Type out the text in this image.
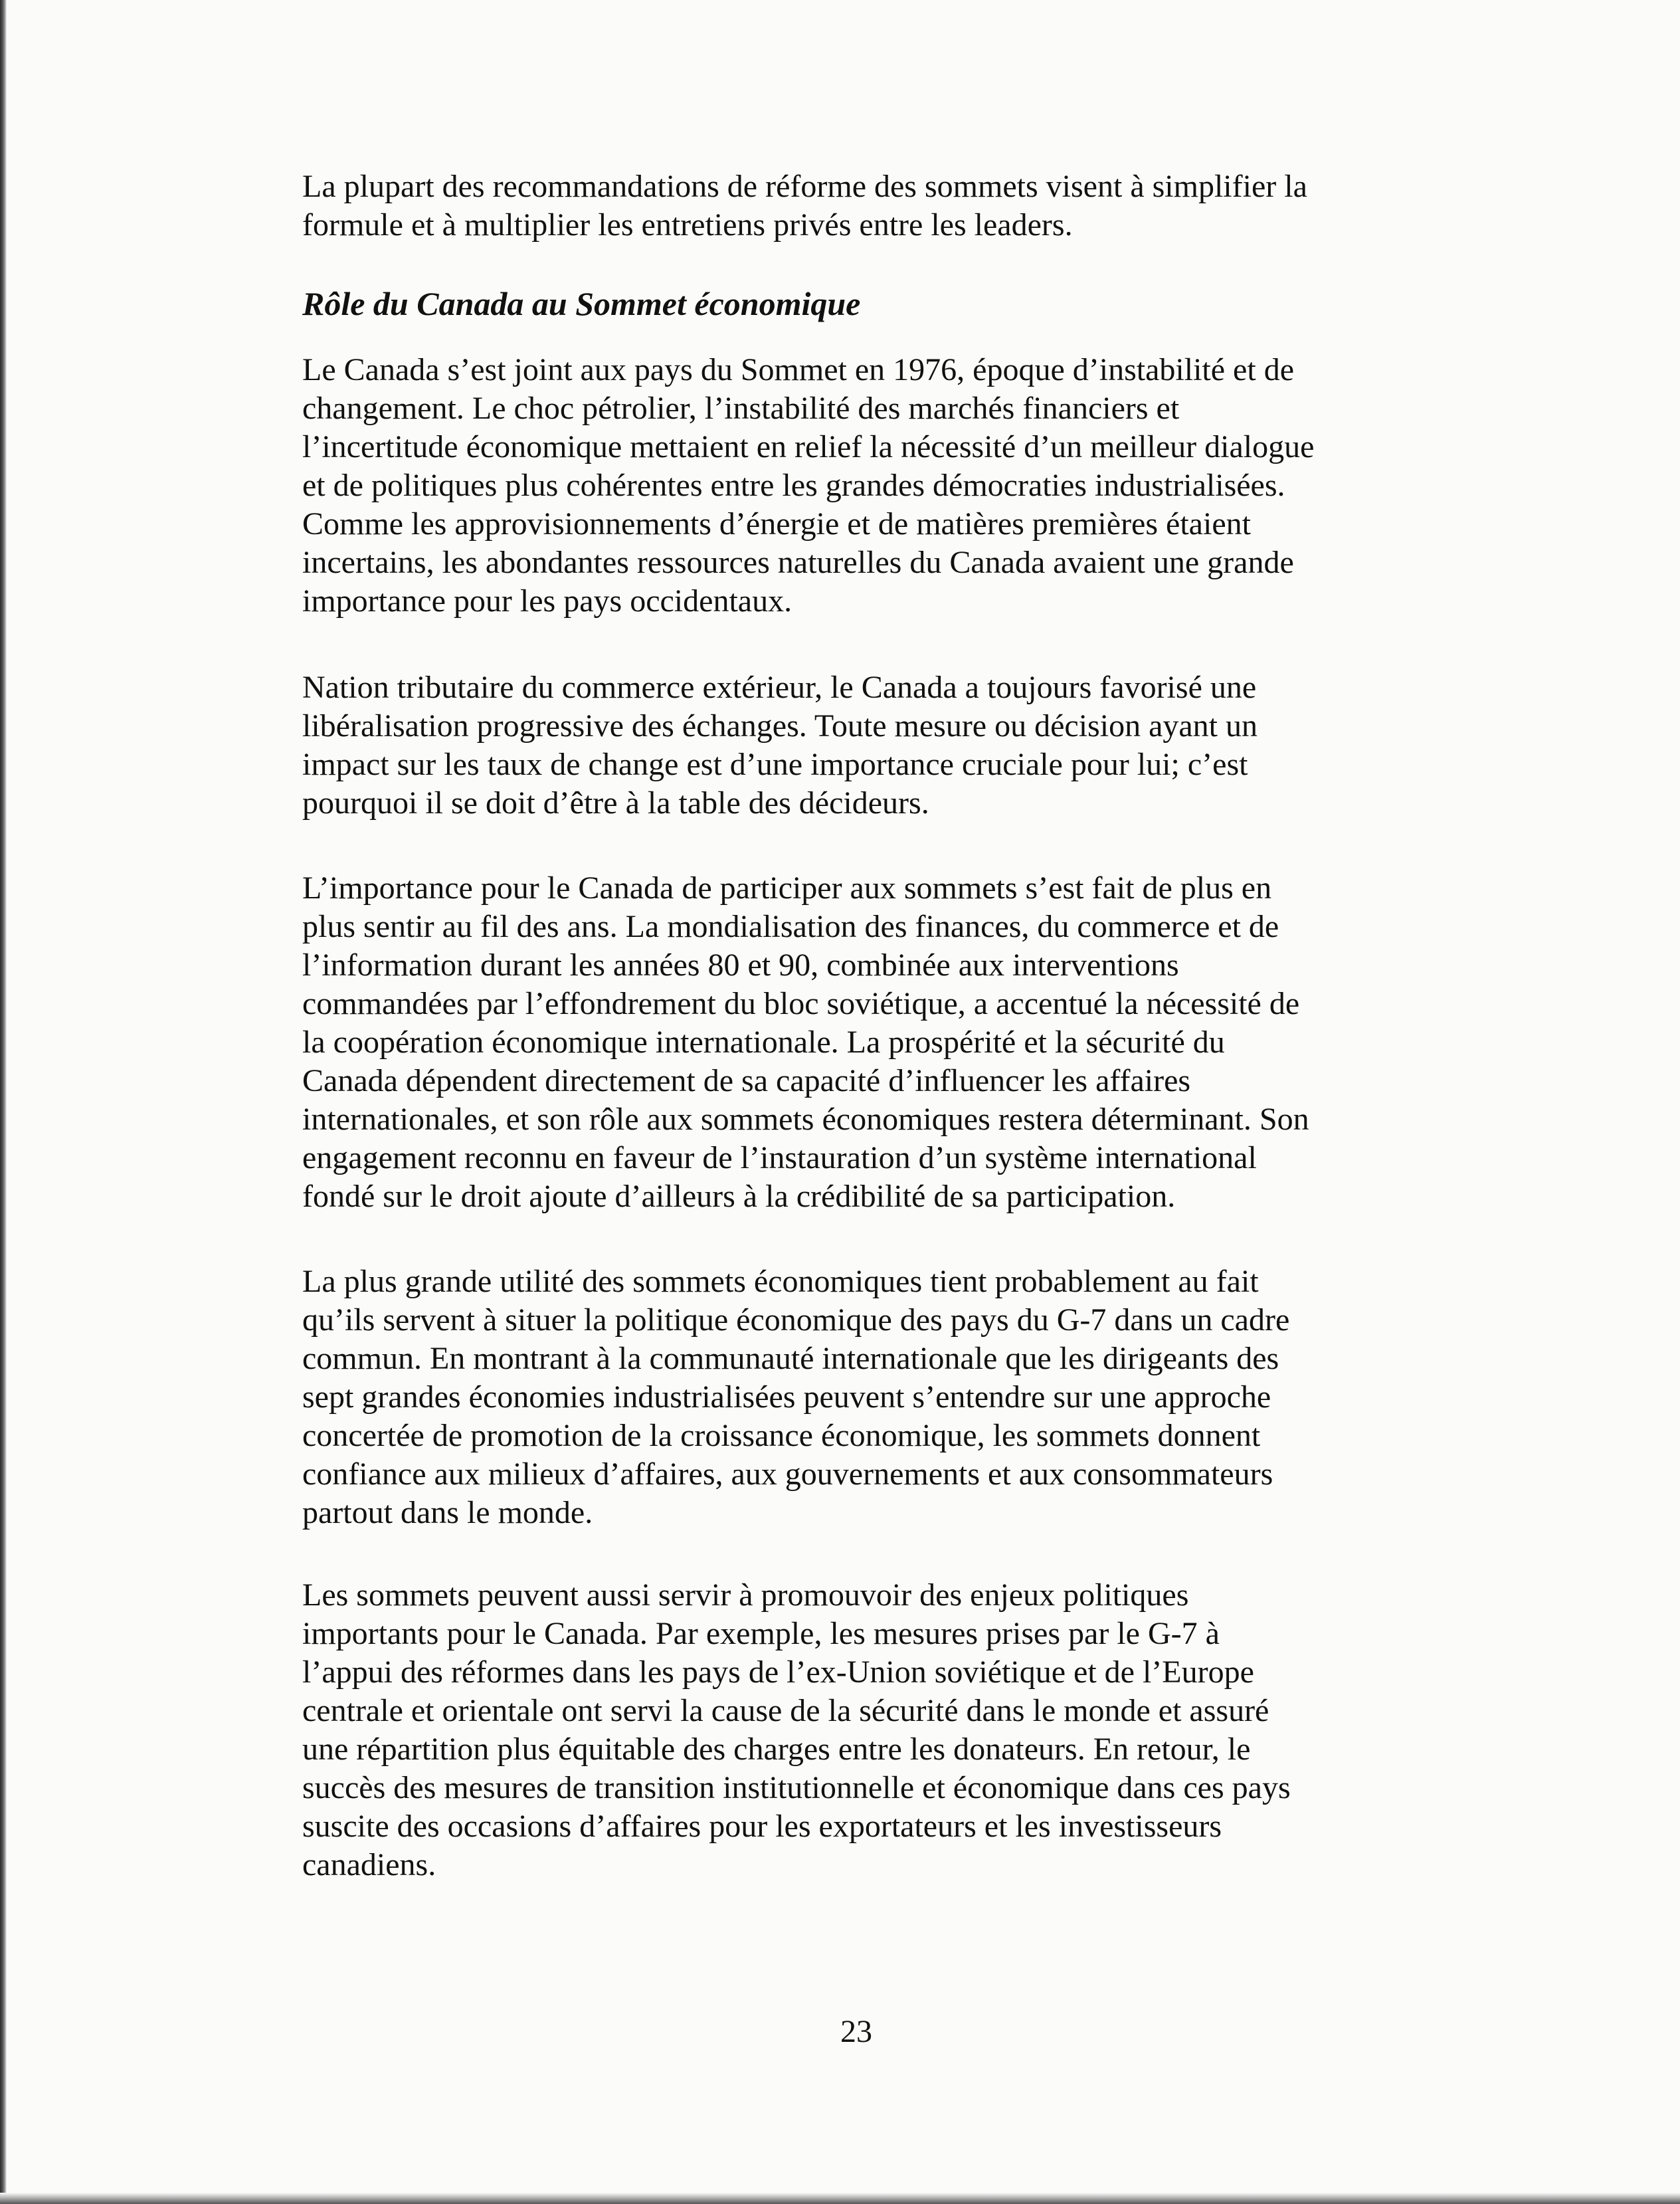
La plupart des recommandations de réforme des sommets visent à simplifier la
formule et à multiplier les entretiens privés entre les leaders.
Rôle du Canada au Sommet économique
Le Canada s’est joint aux pays du Sommet en 1976, époque d’instabilité et de
changement. Le choc pétrolier, l’instabilité des marchés financiers et
l’incertitude économique mettaient en relief la nécessité d’un meilleur dialogue
et de politiques plus cohérentes entre les grandes démocraties industrialisées.
Comme les approvisionnements d’énergie et de matières premières étaient
incertains, les abondantes ressources naturelles du Canada avaient une grande
importance pour les pays occidentaux.
Nation tributaire du commerce extérieur, le Canada a toujours favorisé une
libéralisation progressive des échanges. Toute mesure ou décision ayant un
impact sur les taux de change est d’une importance cruciale pour lui; c’est
pourquoi il se doit d’être à la table des décideurs.
L’importance pour le Canada de participer aux sommets s’est fait de plus en
plus sentir au fil des ans. La mondialisation des finances, du commerce et de
l’information durant les années 80 et 90, combinée aux interventions
commandées par l’effondrement du bloc soviétique, a accentué la nécessité de
la coopération économique internationale. La prospérité et la sécurité du
Canada dépendent directement de sa capacité d’influencer les affaires
internationales, et son rôle aux sommets économiques restera déterminant. Son
engagement reconnu en faveur de l’instauration d’un système international
fondé sur le droit ajoute d’ailleurs à la crédibilité de sa participation.
La plus grande utilité des sommets économiques tient probablement au fait
qu’ils servent à situer la politique économique des pays du G-7 dans un cadre
commun. En montrant à la communauté internationale que les dirigeants des
sept grandes économies industrialisées peuvent s’entendre sur une approche
concertée de promotion de la croissance économique, les sommets donnent
confiance aux milieux d’affaires, aux gouvernements et aux consommateurs
partout dans le monde.
Les sommets peuvent aussi servir à promouvoir des enjeux politiques
importants pour le Canada. Par exemple, les mesures prises par le G-7 à
l’appui des réformes dans les pays de l’ex-Union soviétique et de l’Europe
centrale et orientale ont servi la cause de la sécurité dans le monde et assuré
une répartition plus équitable des charges entre les donateurs. En retour, le
succès des mesures de transition institutionnelle et économique dans ces pays
suscite des occasions d’affaires pour les exportateurs et les investisseurs
canadiens.
23
